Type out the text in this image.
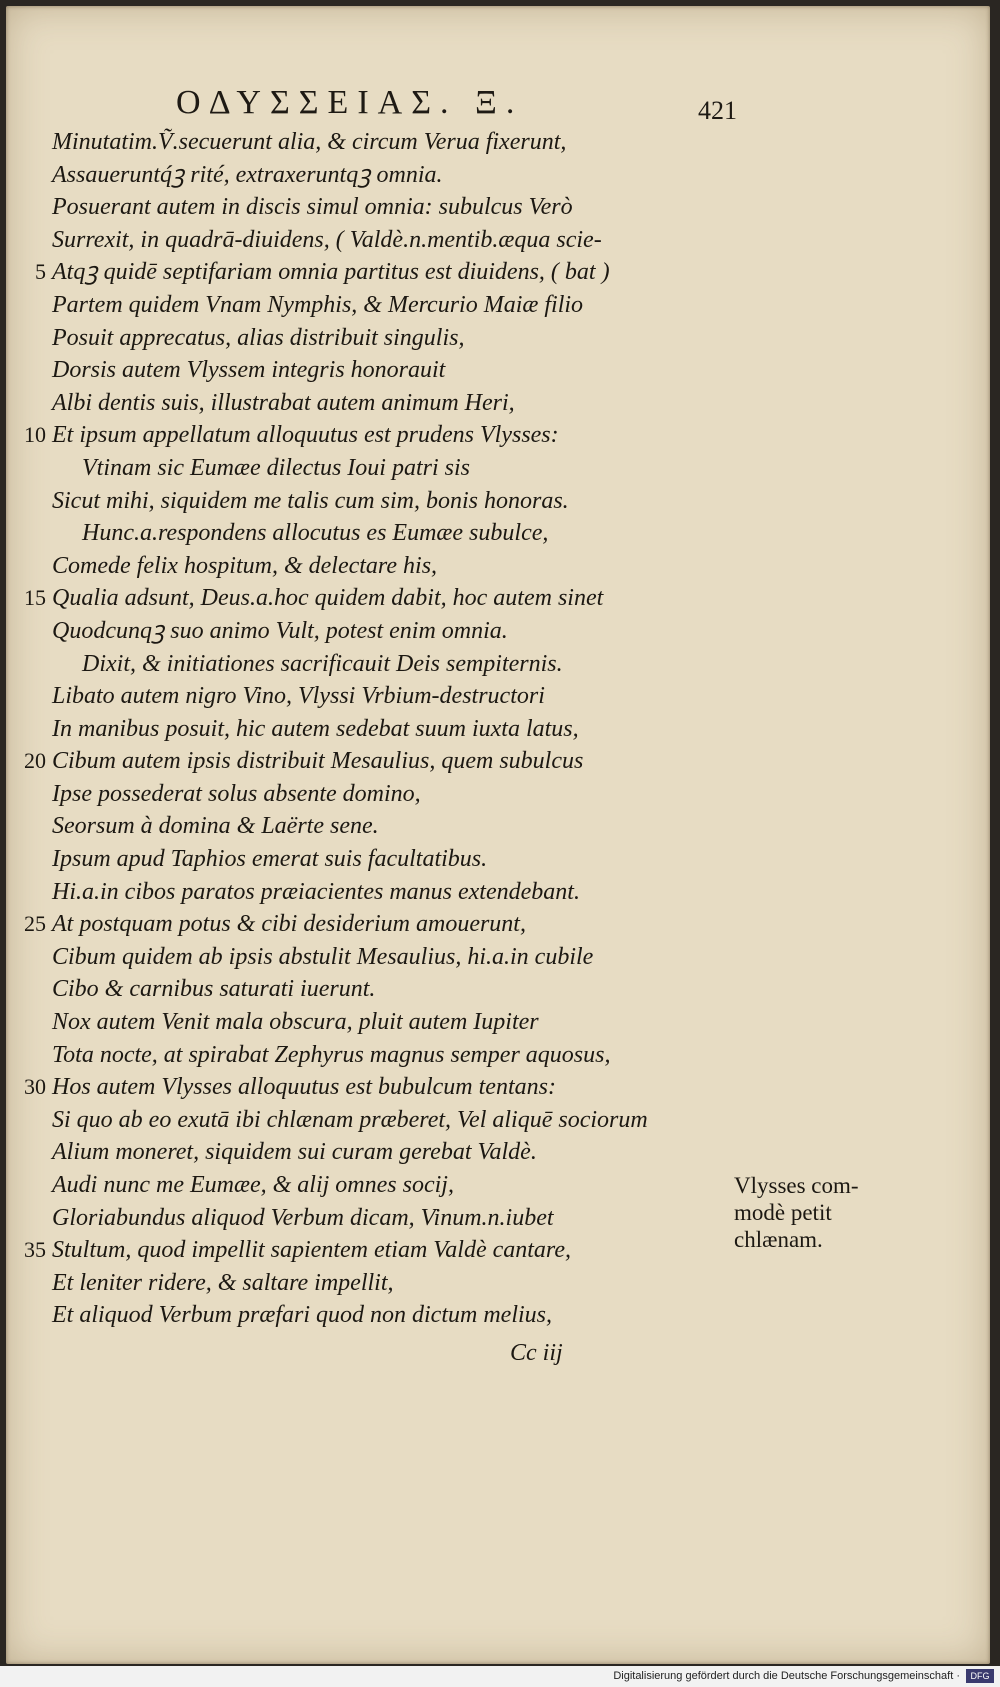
ΟΔΥΣΣΕΙΑΣ. Ξ.	421
Minutatim.Ṽ.secuerunt alia, & circum Verua fixerunt,
Assaueruntq́ꝫ rité, extraxeruntqꝫ omnia.
Posuerant autem in discis simul omnia: subulcus Verò
Surrexit, in quadrā-diuidens, ( Valdè.n.mentib.æqua scie-
5 Atqꝫ quidē septifariam omnia partitus est diuidens, ( bat )
Partem quidem Vnam Nymphis, & Mercurio Maiæ filio
Posuit apprecatus, alias distribuit singulis,
Dorsis autem Vlyssem integris honorauit
Albi dentis suis, illustrabat autem animum Heri,
10 Et ipsum appellatum alloquutus est prudens Vlysses:
Vtinam sic Eumæe dilectus Ioui patri sis
Sicut mihi, siquidem me talis cum sim, bonis honoras.
Hunc.a.respondens allocutus es Eumæe subulce,
Comede felix hospitum, & delectare his,
15 Qualia adsunt, Deus.a.hoc quidem dabit, hoc autem sinet
Quodcunqꝫ suo animo Vult, potest enim omnia.
Dixit, & initiationes sacrificauit Deis sempiternis.
Libato autem nigro Vino, Vlyssi Vrbium-destructori
In manibus posuit, hic autem sedebat suum iuxta latus,
20 Cibum autem ipsis distribuit Mesaulius, quem subulcus
Ipse possederat solus absente domino,
Seorsum à domina & Laërte sene.
Ipsum apud Taphios emerat suis facultatibus.
Hi.a.in cibos paratos præiacientes manus extendebant.
25 At postquam potus & cibi desiderium amouerunt,
Cibum quidem ab ipsis abstulit Mesaulius, hi.a.in cubile
Cibo & carnibus saturati iuerunt.
Nox autem Venit mala obscura, pluit autem Iupiter
Tota nocte, at spirabat Zephyrus magnus semper aquosus,
30 Hos autem Vlysses alloquutus est bubulcum tentans:
Si quo ab eo exutā ibi chlænam præberet, Vel aliquē sociorum
Alium moneret, siquidem sui curam gerebat Valdè.
Audi nunc me Eumæe, & alij omnes socij,
Gloriabundus aliquod Verbum dicam, Vinum.n.iubet
35 Stultum, quod impellit sapientem etiam Valdè cantare,
Et leniter ridere, & saltare impellit,
Et aliquod Verbum præfari quod non dictum melius,
Vlysses com-
modè petit
chlænam.
Cc iij
Digitalisierung gefördert durch die Deutsche Forschungsgemeinschaft ·	DFG
